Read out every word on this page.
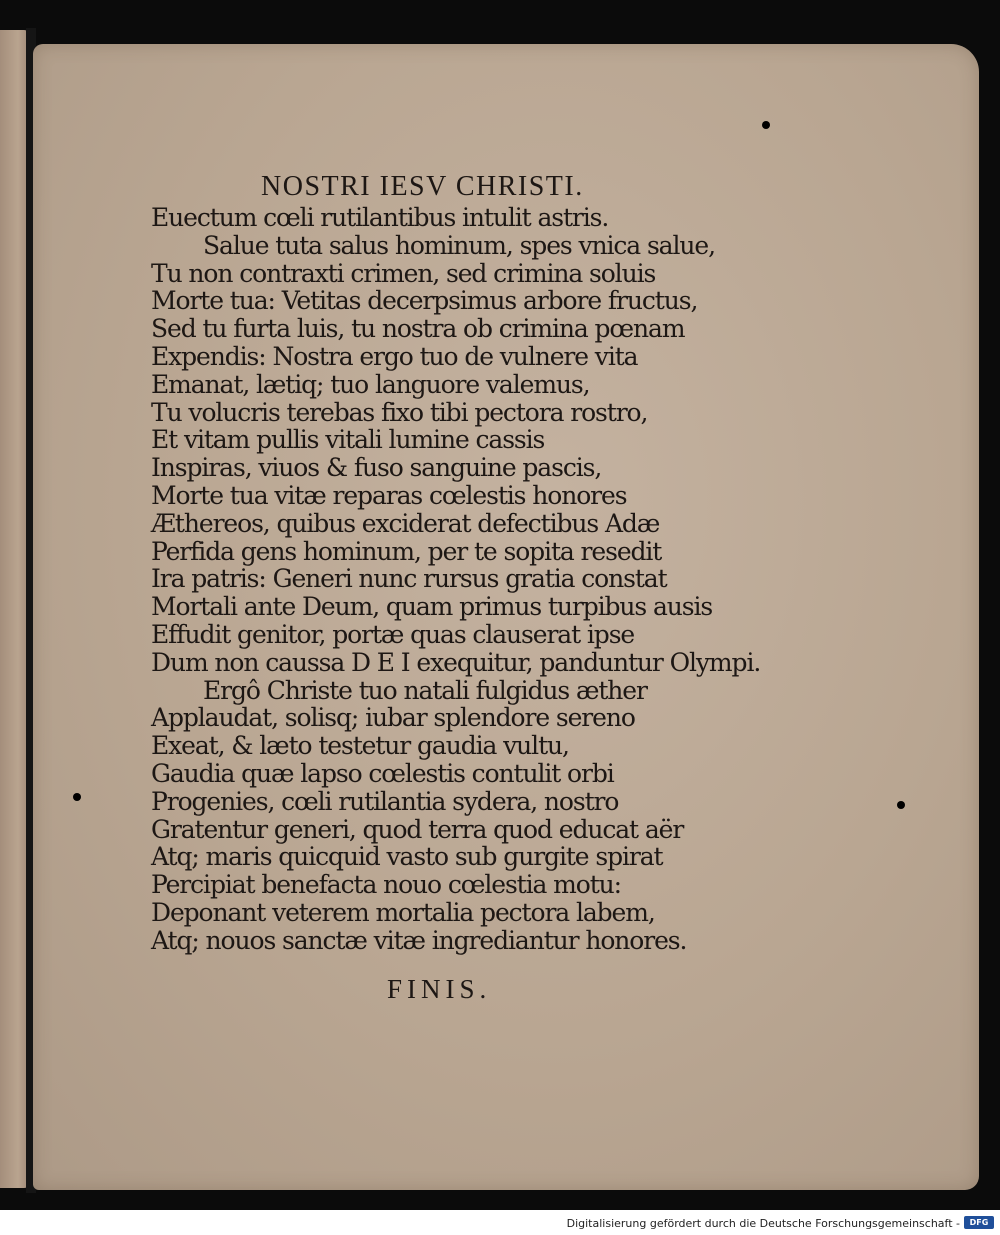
NOSTRI IESV CHRISTI.
Euectum cœli rutilantibus intulit astris.
Salue tuta salus hominum, spes vnica salue,
Tu non contraxti crimen, sed crimina soluis
Morte tua: Vetitas decerpsimus arbore fructus,
Sed tu furta luis, tu nostra ob crimina pœnam
Expendis: Nostra ergo tuo de vulnere vita
Emanat, lætiq; tuo languore valemus,
Tu volucris terebas fixo tibi pectora rostro,
Et vitam pullis vitali lumine cassis
Inspiras, viuos & fuso sanguine pascis,
Morte tua vitæ reparas cœlestis honores
Æthereos, quibus exciderat defectibus Adæ
Perfida gens hominum, per te sopita resedit
Ira patris: Generi nunc rursus gratia constat
Mortali ante Deum, quam primus turpibus ausis
Effudit genitor, portæ quas clauserat ipse
Dum non caussa D E I exequitur, panduntur Olympi.
Ergô Christe tuo natali fulgidus æther
Applaudat, solisq; iubar splendore sereno
Exeat, & læto testetur gaudia vultu,
Gaudia quæ lapso cœlestis contulit orbi
Progenies, cœli rutilantia sydera, nostro
Gratentur generi, quod terra quod educat aër
Atq; maris quicquid vasto sub gurgite spirat
Percipiat benefacta nouo cœlestia motu:
Deponant veterem mortalia pectora labem,
Atq; nouos sanctæ vitæ ingrediantur honores.
FINIS.
Digitalisierung gefördert durch die Deutsche Forschungsgemeinschaft -	DFG
